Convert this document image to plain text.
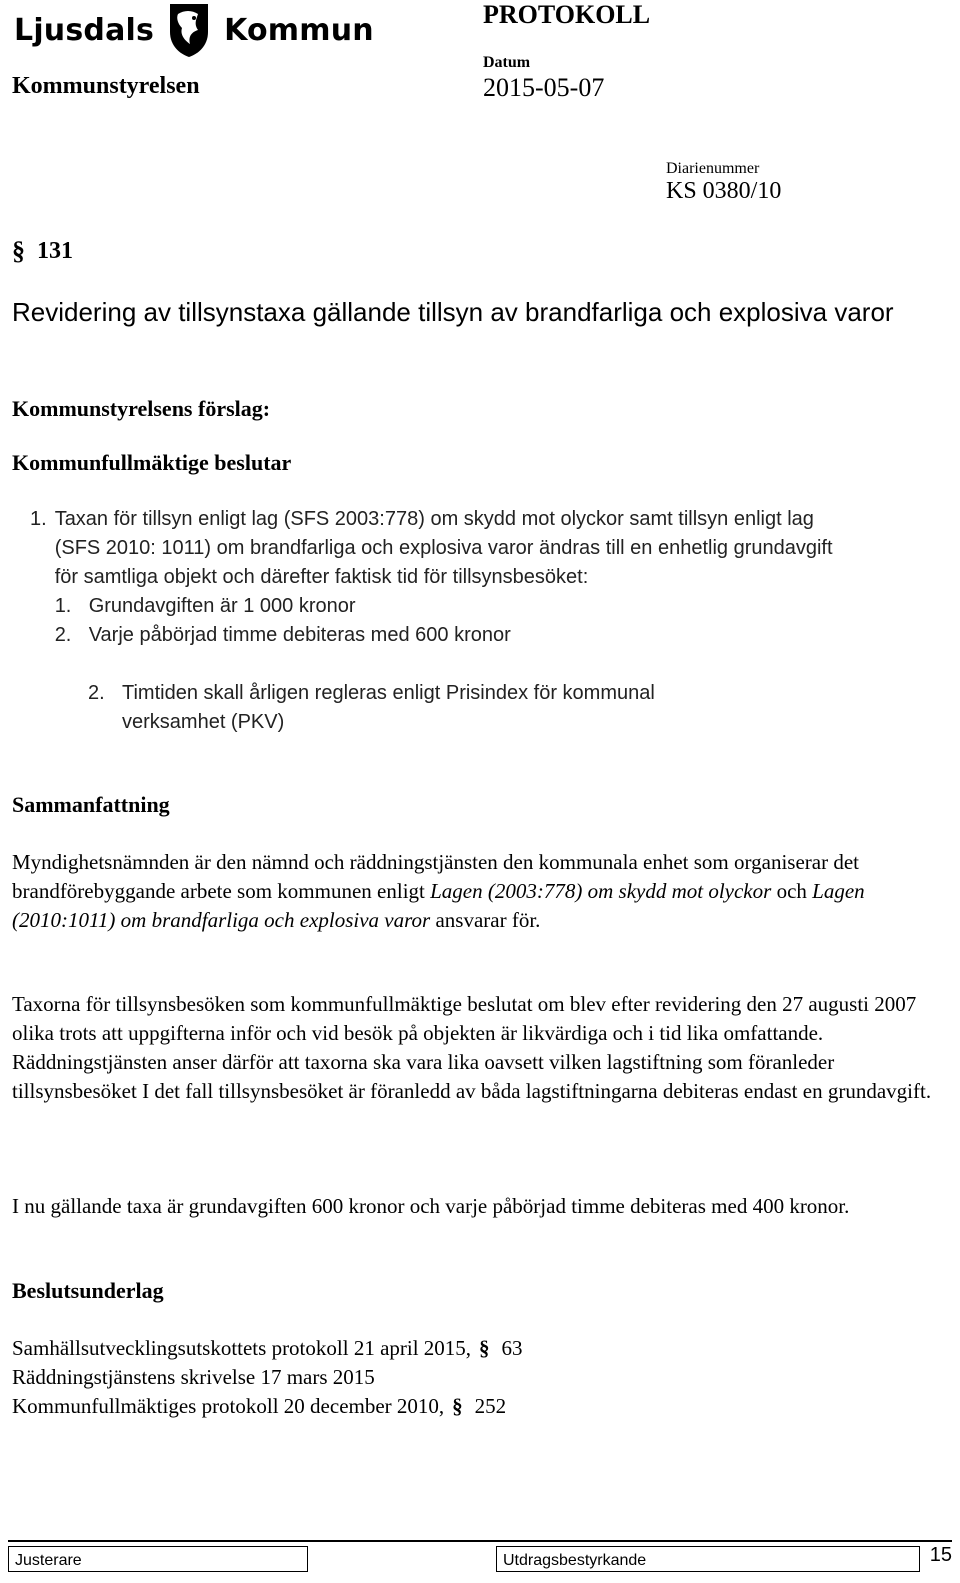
Ljusdals Kommun	PROTOKOLL
Kommunstyrelsen
Datum
2015-05-07
Diarienummer
KS 0380/10
§ 131
Revidering av tillsynstaxa gällande tillsyn av brandfarliga och explosiva varor
Kommunstyrelsens förslag:
Kommunfullmäktige beslutar
1. Taxan för tillsyn enligt lag (SFS 2003:778) om skydd mot olyckor samt tillsyn enligt lag (SFS 2010: 1011) om brandfarliga och explosiva varor ändras till en enhetlig grundavgift för samtliga objekt och därefter faktisk tid för tillsynsbesöket:
1. Grundavgiften är 1 000 kronor
2. Varje påbörjad timme debiteras med 600 kronor
2. Timtiden skall årligen regleras enligt Prisindex för kommunal verksamhet (PKV)
Sammanfattning

Myndighetsnämnden är den nämnd och räddningstjänsten den kommunala enhet som organiserar det brandförebyggande arbete som kommunen enligt Lagen (2003:778) om skydd mot olyckor och Lagen (2010:1011) om brandfarliga och explosiva varor ansvarar för.

Taxorna för tillsynsbesöken som kommunfullmäktige beslutat om blev efter revidering den 27 augusti 2007 olika trots att uppgifterna inför och vid besök på objekten är likvärdiga och i tid lika omfattande. Räddningstjänsten anser därför att taxorna ska vara lika oavsett vilken lagstiftning som föranleder tillsynsbesöket I det fall tillsynsbesöket är föranledd av båda lagstiftningarna debiteras endast en grundavgift.
I nu gällande taxa är grundavgiften 600 kronor och varje påbörjad timme debiteras med 400 kronor.
Beslutsunderlag
Samhällsutvecklingsutskottets protokoll 21 april 2015, § 63
Räddningstjänstens skrivelse 17 mars 2015
Kommunfullmäktiges protokoll 20 december 2010, § 252
Justerare	Utdragsbestyrkande	15
